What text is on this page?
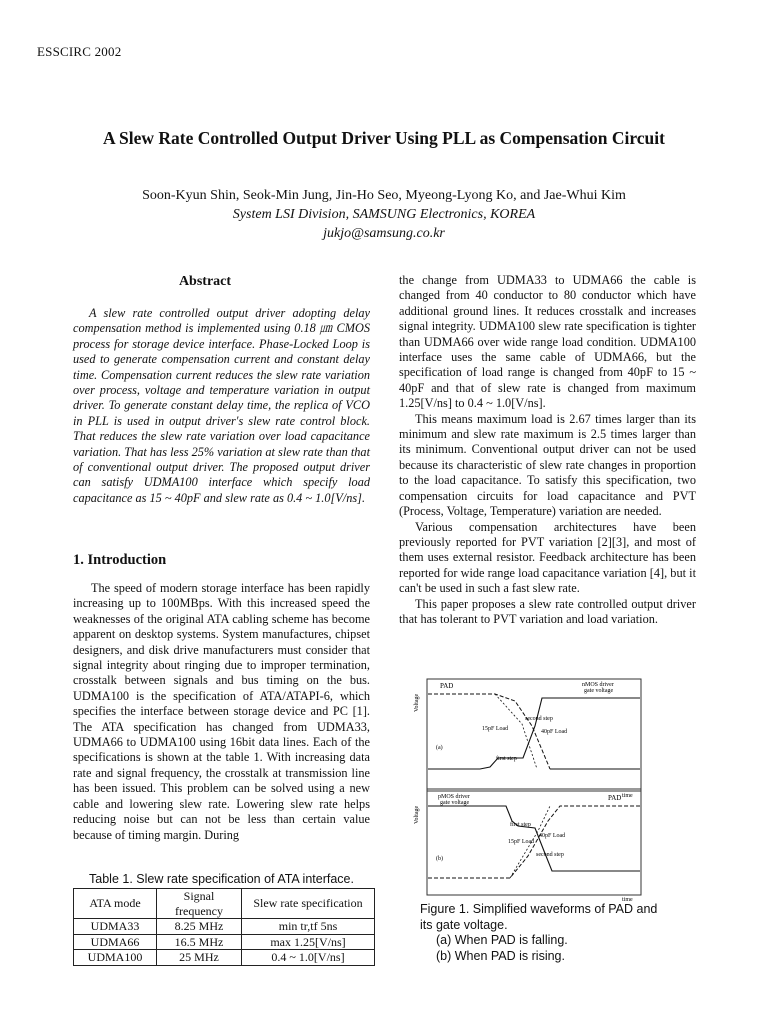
ESSCIRC 2002
A Slew Rate Controlled Output Driver Using PLL as Compensation Circuit
Soon-Kyun Shin, Seok-Min Jung, Jin-Ho Seo, Myeong-Lyong Ko, and Jae-Whui Kim
System LSI Division, SAMSUNG Electronics, KOREA
jukjo@samsung.co.kr
Abstract
A slew rate controlled output driver adopting delay compensation method is implemented using 0.18 ㎛ CMOS process for storage device interface. Phase-Locked Loop is used to generate compensation current and constant delay time. Compensation current reduces the slew rate variation over process, voltage and temperature variation in output driver. To generate constant delay time, the replica of VCO in PLL is used in output driver's slew rate control block. That reduces the slew rate variation over load capacitance variation. That has less 25% variation at slew rate than that of conventional output driver. The proposed output driver can satisfy UDMA100 interface which specify load capacitance as 15 ~ 40pF and slew rate as 0.4 ~ 1.0[V/ns].
1. Introduction
The speed of modern storage interface has been rapidly increasing up to 100MBps. With this increased speed the weaknesses of the original ATA cabling scheme has become apparent on desktop systems. System manufactures, chipset designers, and disk drive manufacturers must consider that signal integrity about ringing due to improper termination, crosstalk between signals and bus timing on the bus. UDMA100 is the specification of ATA/ATAPI-6, which specifies the interface between storage device and PC [1]. The ATA specification has changed from UDMA33, UDMA66 to UDMA100 using 16bit data lines. Each of the specifications is shown at the table 1. With increasing data rate and signal frequency, the crosstalk at transmission line has been issued. This problem can be solved using a new cable and lowering slew rate. Lowering slew rate helps reducing noise but can not be less than certain value because of timing margin. During

the change from UDMA33 to UDMA66 the cable is changed from 40 conductor to 80 conductor which have additional ground lines. It reduces crosstalk and increases signal integrity. UDMA100 slew rate specification is tighter than UDMA66 over wide range load condition. UDMA100 interface uses the same cable of UDMA66, but the specification of load range is changed from 40pF to 15 ~ 40pF and that of slew rate is changed from maximum 1.25[V/ns] to 0.4 ~ 1.0[V/ns].

This means maximum load is 2.67 times larger than its minimum and slew rate maximum is 2.5 times larger than its minimum. Conventional output driver can not be used because its characteristic of slew rate changes in proportion to the load capacitance. To satisfy this specification, two compensation circuits for load capacitance and PVT (Process, Voltage, Temperature) variation are needed.

Various compensation architectures have been previously reported for PVT variation [2][3], and most of them uses external resistor. Feedback architecture has been reported for wide range load capacitance variation [4], but it can't be used in such a fast slew rate.

This paper proposes a slew rate controlled output driver that has tolerant to PVT variation and load variation.

Voltage
time
PAD	nMOS driver
gate voltage
15pF Load	40pF Load
second step
first step
(a)
Voltage
time
pMOS driver
gate voltage
PAD
first step
40pF Load
15pF Load
second step
(b)
Table 1. Slew rate specification of ATA interface.
ATA mode	Signal frequency	Slew rate specification
UDMA33	8.25 MHz	min tr,tf 5ns
UDMA66	16.5 MHz	max 1.25[V/ns]
UDMA100	25 MHz	0.4 ~ 1.0[V/ns]
Figure 1. Simplified waveforms of PAD and
its gate voltage.
(a) When PAD is falling.
(b) When PAD is rising.
